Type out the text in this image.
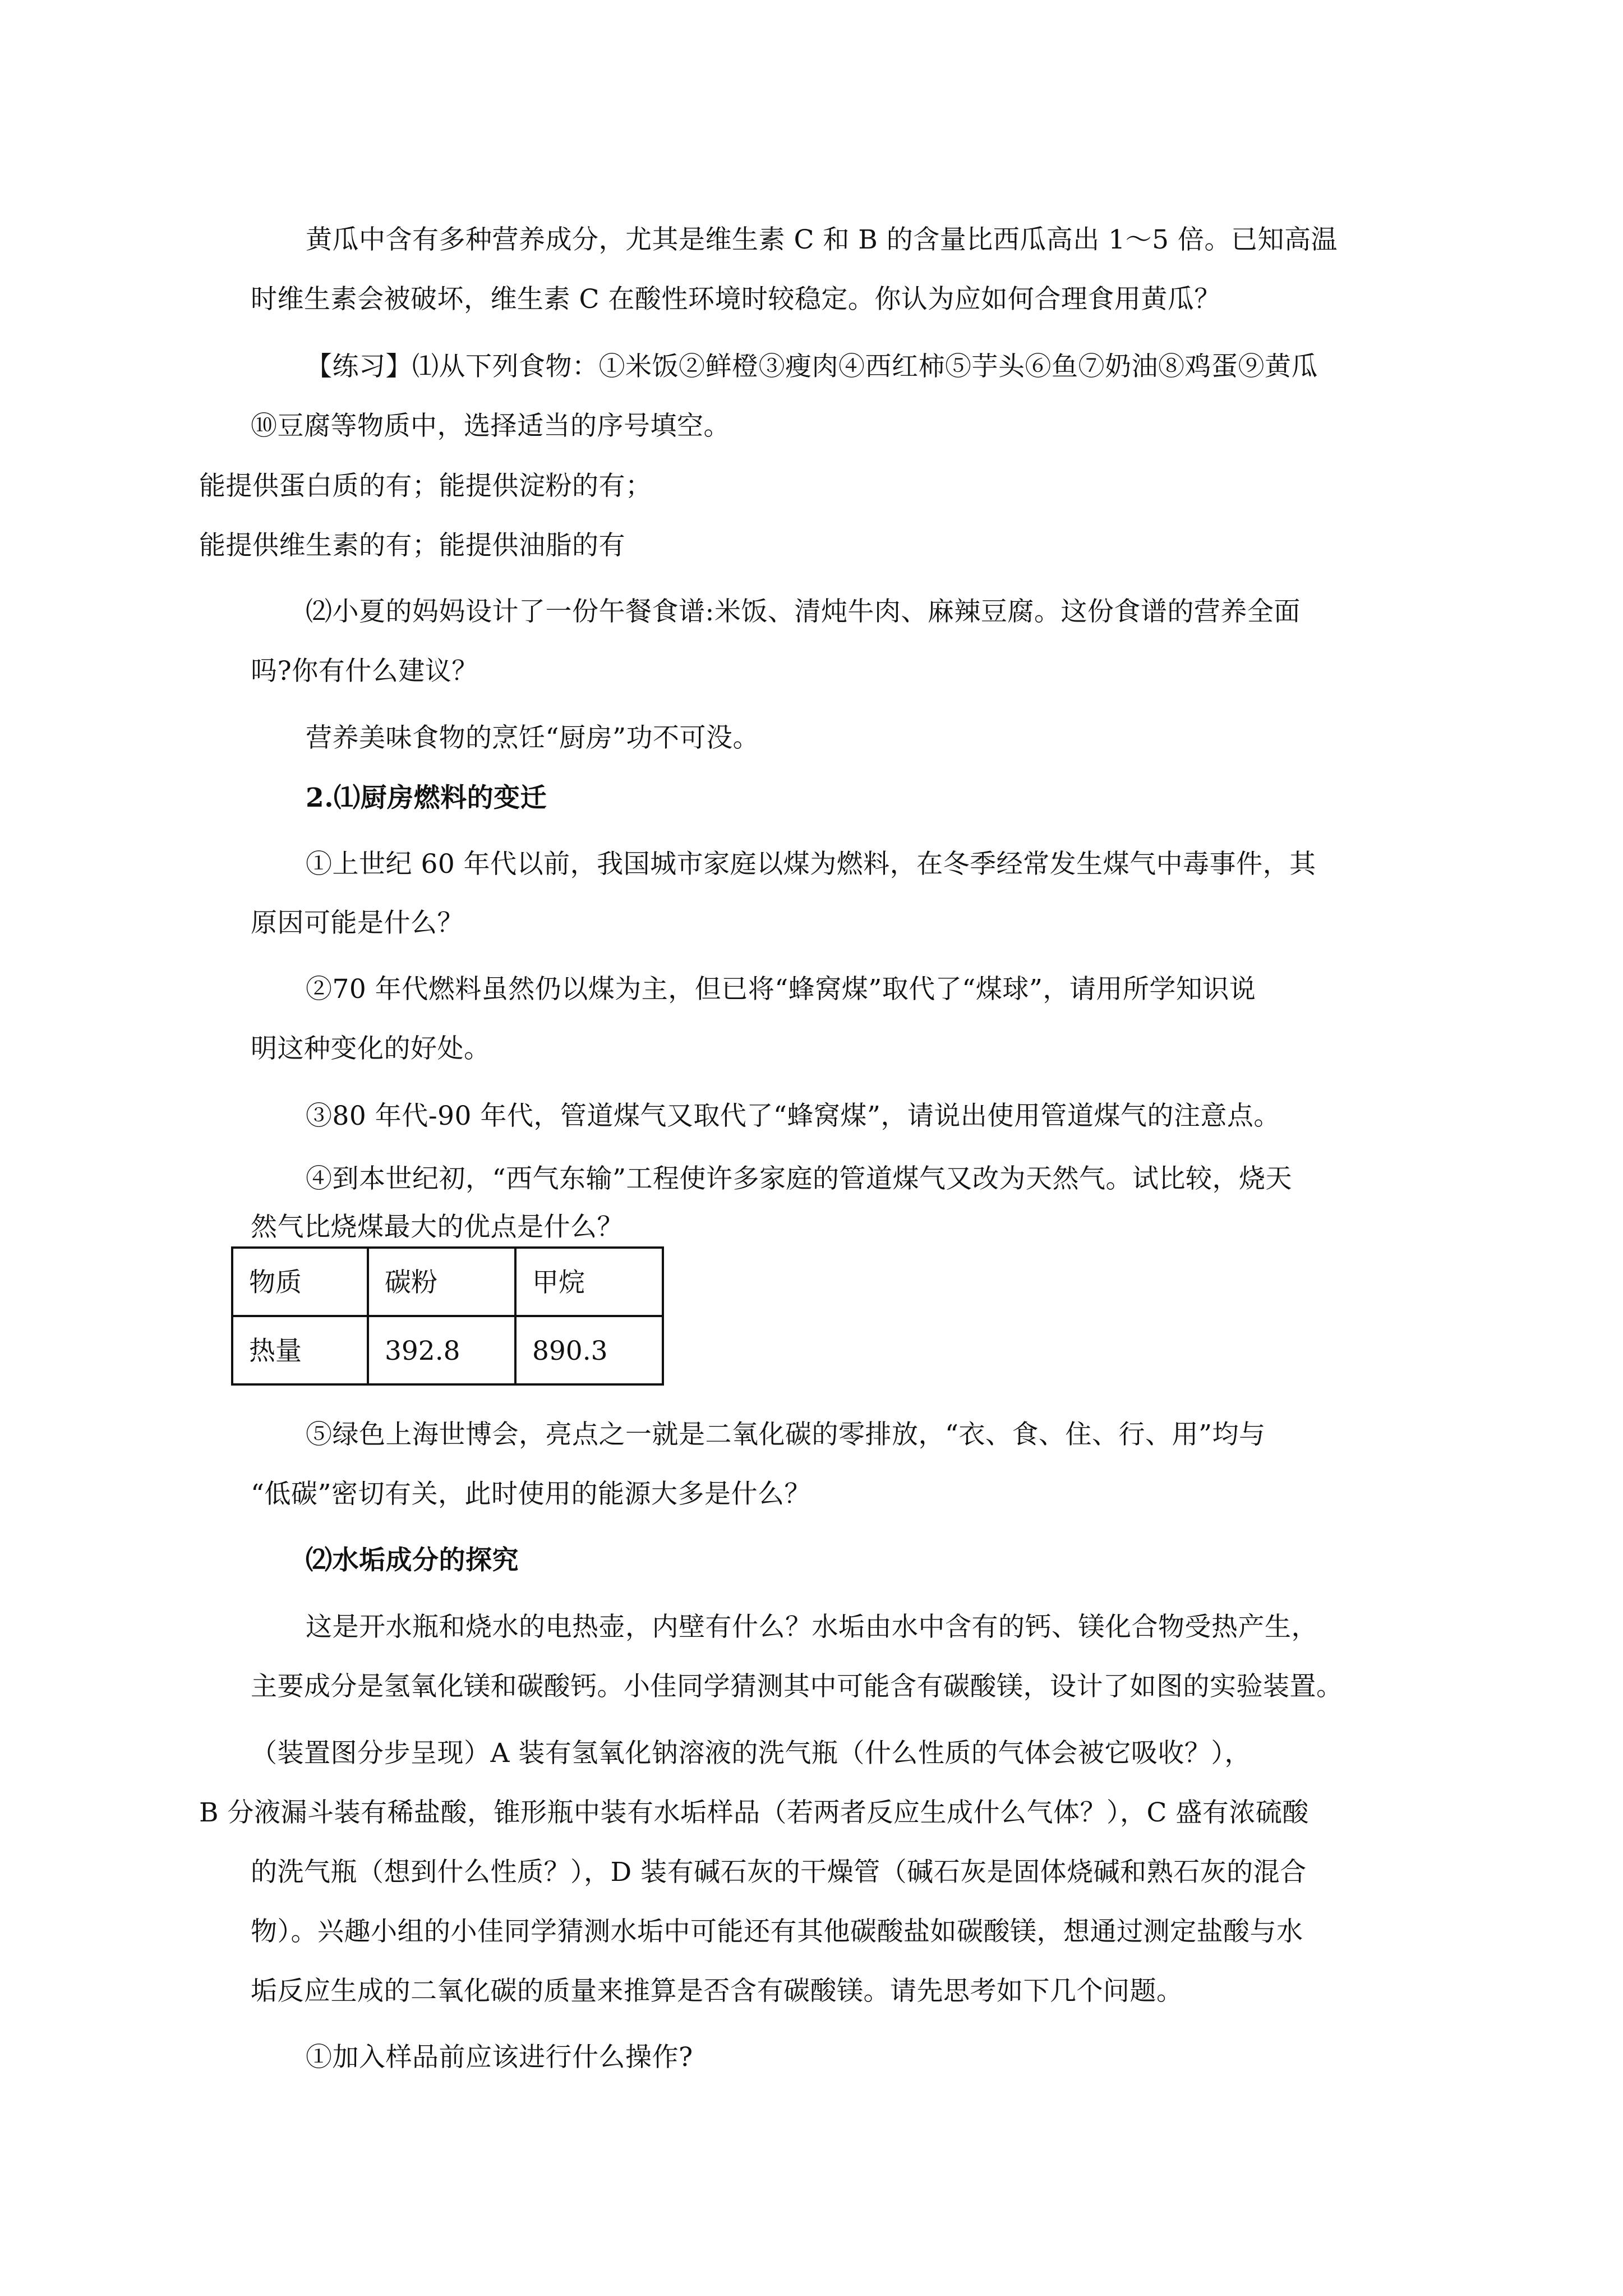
黄瓜中含有多种营养成分，尤其是维生素 C 和 B 的含量比西瓜高出 1～5 倍。已知高温
时维生素会被破坏，维生素 C 在酸性环境时较稳定。你认为应如何合理食用黄瓜？
【练习】⑴从下列食物：①米饭②鲜橙③瘦肉④西红柿⑤芋头⑥鱼⑦奶油⑧鸡蛋⑨黄瓜
⑩豆腐等物质中，选择适当的序号填空。
能提供蛋白质的有；能提供淀粉的有；
能提供维生素的有；能提供油脂的有
⑵小夏的妈妈设计了一份午餐食谱:米饭、清炖牛肉、麻辣豆腐。这份食谱的营养全面
吗?你有什么建议？
营养美味食物的烹饪“厨房”功不可没。
2.⑴厨房燃料的变迁
①上世纪 60 年代以前，我国城市家庭以煤为燃料，在冬季经常发生煤气中毒事件，其
原因可能是什么？
②70 年代燃料虽然仍以煤为主，但已将“蜂窝煤”取代了“煤球”，请用所学知识说
明这种变化的好处。
③80 年代-90 年代，管道煤气又取代了“蜂窝煤”，请说出使用管道煤气的注意点。
④到本世纪初，“西气东输”工程使许多家庭的管道煤气又改为天然气。试比较，烧天
然气比烧煤最大的优点是什么？
物质	碳粉	甲烷
热量	392.8	890.3
⑤绿色上海世博会，亮点之一就是二氧化碳的零排放，“衣、食、住、行、用”均与
“低碳”密切有关，此时使用的能源大多是什么？
⑵水垢成分的探究
这是开水瓶和烧水的电热壶，内壁有什么？水垢由水中含有的钙、镁化合物受热产生，
主要成分是氢氧化镁和碳酸钙。小佳同学猜测其中可能含有碳酸镁，设计了如图的实验装置。
（装置图分步呈现）A 装有氢氧化钠溶液的洗气瓶（什么性质的气体会被它吸收？），
B 分液漏斗装有稀盐酸，锥形瓶中装有水垢样品（若两者反应生成什么气体？），C 盛有浓硫酸
的洗气瓶（想到什么性质？），D 装有碱石灰的干燥管（碱石灰是固体烧碱和熟石灰的混合
物）。兴趣小组的小佳同学猜测水垢中可能还有其他碳酸盐如碳酸镁，想通过测定盐酸与水
垢反应生成的二氧化碳的质量来推算是否含有碳酸镁。请先思考如下几个问题。
①加入样品前应该进行什么操作?
